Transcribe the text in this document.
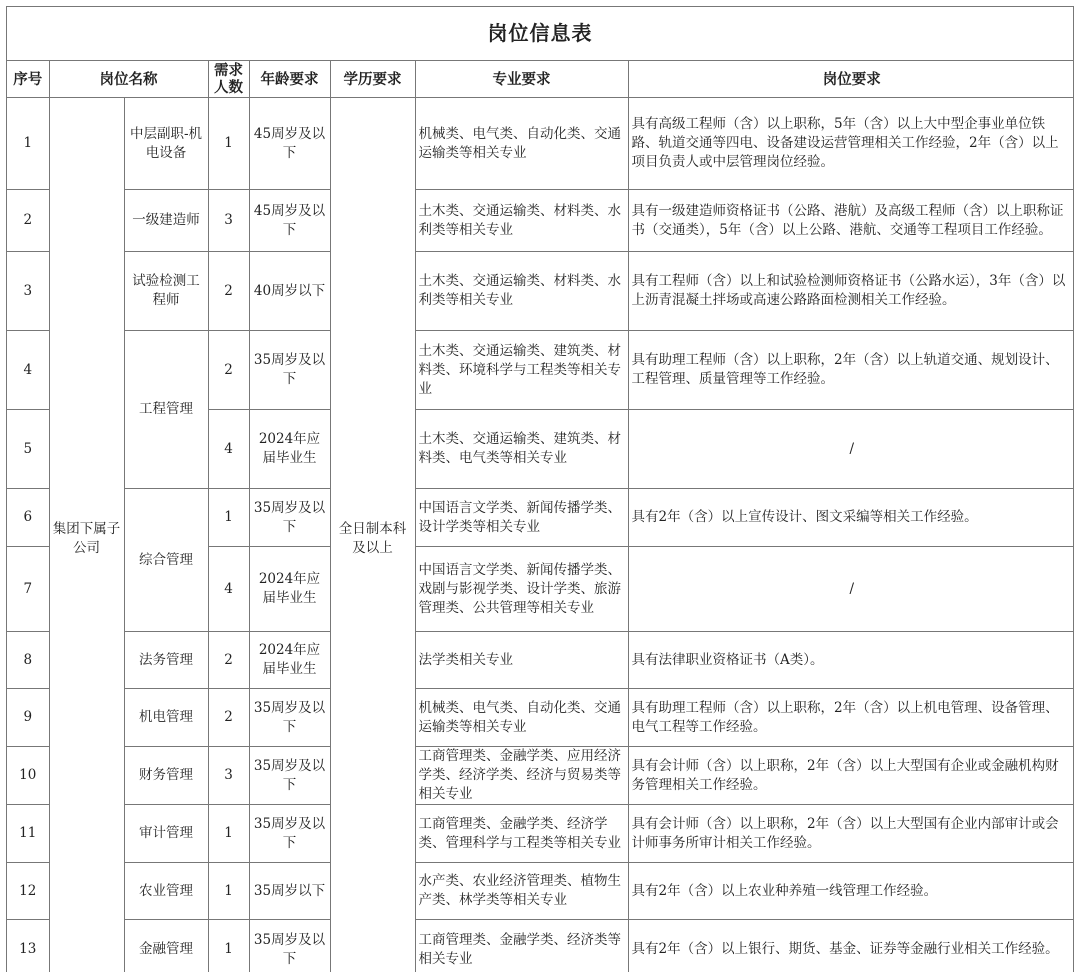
岗位信息表
序号	岗位名称		需求人数	年龄要求	学历要求	专业要求	岗位要求
1	集团下属子公司	中层副职-机电设备	1	45周岁及以下	全日制本科及以上	机械类、电气类、自动化类、交通运输类等相关专业	具有高级工程师（含）以上职称，5年（含）以上大中型企事业单位铁路、轨道交通等四电、设备建设运营管理相关工作经验，2年（含）以上项目负责人或中层管理岗位经验。
2		一级建造师	3	45周岁及以下		土木类、交通运输类、材料类、水利类等相关专业	具有一级建造师资格证书（公路、港航）及高级工程师（含）以上职称证书（交通类），5年（含）以上公路、港航、交通等工程项目工作经验。
3		试验检测工程师	2	40周岁以下		土木类、交通运输类、材料类、水利类等相关专业	具有工程师（含）以上和试验检测师资格证书（公路水运），3年（含）以上沥青混凝土拌场或高速公路路面检测相关工作经验。
4		工程管理	2	35周岁及以下		土木类、交通运输类、建筑类、材料类、环境科学与工程类等相关专业	具有助理工程师（含）以上职称，2年（含）以上轨道交通、规划设计、工程管理、质量管理等工作经验。
5			4	2024年应届毕业生		土木类、交通运输类、建筑类、材料类、电气类等相关专业	/
6		综合管理	1	35周岁及以下		中国语言文学类、新闻传播学类、设计学类等相关专业	具有2年（含）以上宣传设计、图文采编等相关工作经验。
7			4	2024年应届毕业生		中国语言文学类、新闻传播学类、戏剧与影视学类、设计学类、旅游管理类、公共管理等相关专业	/
8		法务管理	2	2024年应届毕业生		法学类相关专业	具有法律职业资格证书（A类）。
9		机电管理	2	35周岁及以下		机械类、电气类、自动化类、交通运输类等相关专业	具有助理工程师（含）以上职称，2年（含）以上机电管理、设备管理、电气工程等工作经验。
10		财务管理	3	35周岁及以下		工商管理类、金融学类、应用经济学类、经济学类、经济与贸易类等相关专业	具有会计师（含）以上职称，2年（含）以上大型国有企业或金融机构财务管理相关工作经验。
11		审计管理	1	35周岁及以下		工商管理类、金融学类、经济学类、管理科学与工程类等相关专业	具有会计师（含）以上职称，2年（含）以上大型国有企业内部审计或会计师事务所审计相关工作经验。
12		农业管理	1	35周岁以下		水产类、农业经济管理类、植物生产类、林学类等相关专业	具有2年（含）以上农业种养殖一线管理工作经验。
13		金融管理	1	35周岁及以下		工商管理类、金融学类、经济类等相关专业	具有2年（含）以上银行、期货、基金、证券等金融行业相关工作经验。
